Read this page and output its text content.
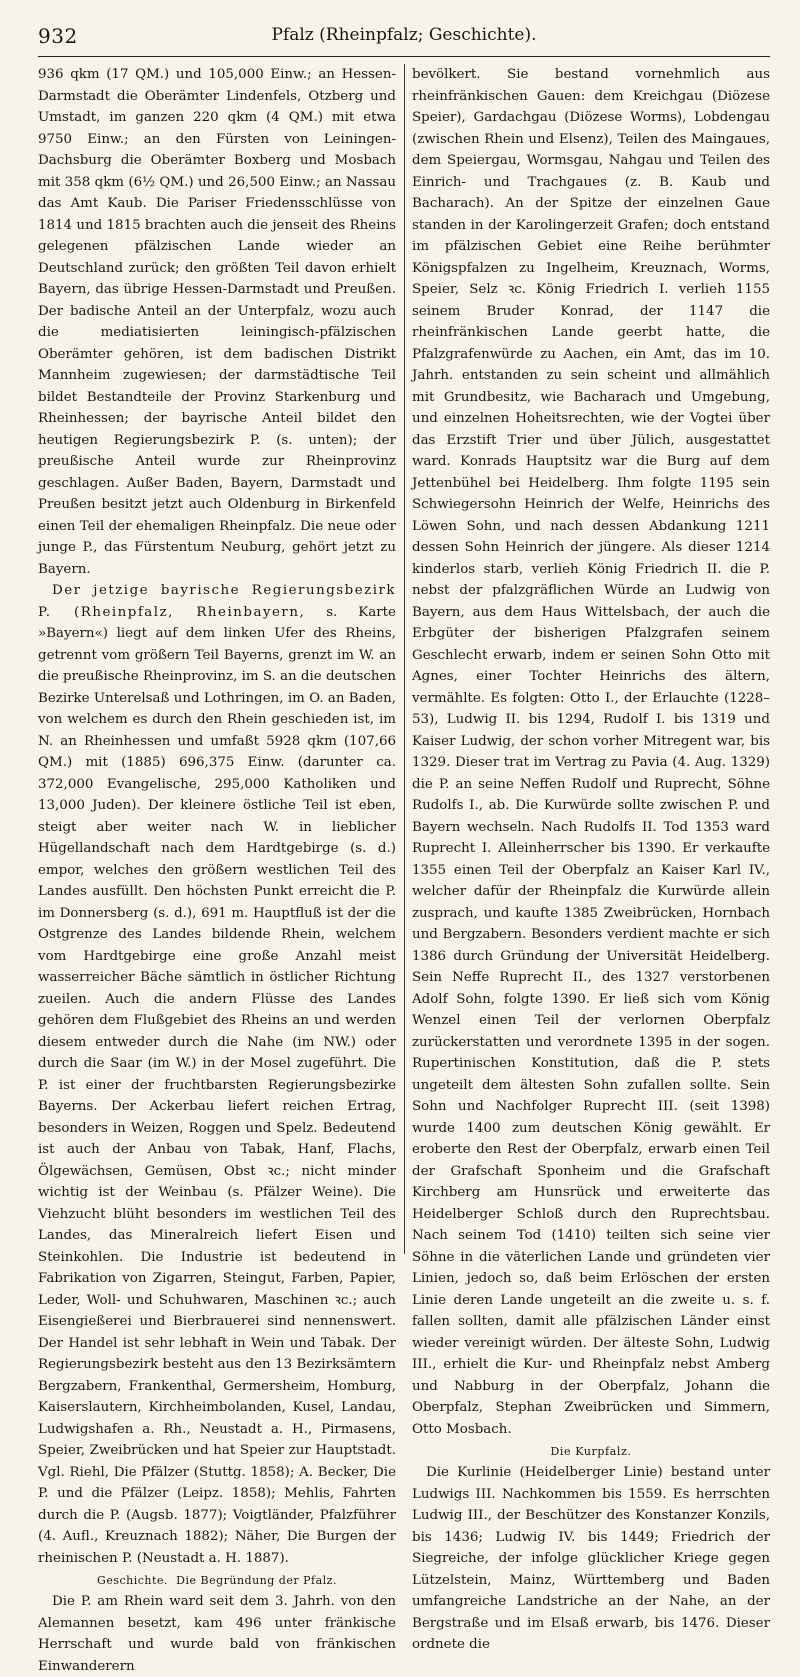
932	Pfalz (Rheinpfalz; Geschichte).

936 qkm (17 QM.) und 105,000 Einw.; an Hessen-Darmstadt die Oberämter Lindenfels, Otzberg und Umstadt, im ganzen 220 qkm (4 QM.) mit etwa 9750 Einw.; an den Fürsten von Leiningen-Dachsburg die Oberämter Boxberg und Mosbach mit 358 qkm (6½ QM.) und 26,500 Einw.; an Nassau das Amt Kaub. Die Pariser Friedensschlüsse von 1814 und 1815 brachten auch die jenseit des Rheins gelegenen pfälzischen Lande wieder an Deutschland zurück; den größten Teil davon erhielt Bayern, das übrige Hessen-Darmstadt und Preußen. Der badische Anteil an der Unterpfalz, wozu auch die mediatisierten leiningisch-pfälzischen Oberämter gehören, ist dem badischen Distrikt Mannheim zugewiesen; der darmstädtische Teil bildet Bestandteile der Provinz Starkenburg und Rheinhessen; der bayrische Anteil bildet den heutigen Regierungsbezirk P. (s. unten); der preußische Anteil wurde zur Rheinprovinz geschlagen. Außer Baden, Bayern, Darmstadt und Preußen besitzt jetzt auch Oldenburg in Birkenfeld einen Teil der ehemaligen Rheinpfalz. Die neue oder junge P., das Fürstentum Neuburg, gehört jetzt zu Bayern.

Der jetzige bayrische Regierungsbezirk P. (Rheinpfalz, Rheinbayern, s. Karte »Bayern«) liegt auf dem linken Ufer des Rheins, getrennt vom größern Teil Bayerns, grenzt im W. an die preußische Rheinprovinz, im S. an die deutschen Bezirke Unterelsaß und Lothringen, im O. an Baden, von welchem es durch den Rhein geschieden ist, im N. an Rheinhessen und umfaßt 5928 qkm (107,66 QM.) mit (1885) 696,375 Einw. (darunter ca. 372,000 Evangelische, 295,000 Katholiken und 13,000 Juden). Der kleinere östliche Teil ist eben, steigt aber weiter nach W. in lieblicher Hügellandschaft nach dem Hardtgebirge (s. d.) empor, welches den größern westlichen Teil des Landes ausfüllt. Den höchsten Punkt erreicht die P. im Donnersberg (s. d.), 691 m. Hauptfluß ist der die Ostgrenze des Landes bildende Rhein, welchem vom Hardtgebirge eine große Anzahl meist wasserreicher Bäche sämtlich in östlicher Richtung zueilen. Auch die andern Flüsse des Landes gehören dem Flußgebiet des Rheins an und werden diesem entweder durch die Nahe (im NW.) oder durch die Saar (im W.) in der Mosel zugeführt. Die P. ist einer der fruchtbarsten Regierungsbezirke Bayerns. Der Ackerbau liefert reichen Ertrag, besonders in Weizen, Roggen und Spelz. Bedeutend ist auch der Anbau von Tabak, Hanf, Flachs, Ölgewächsen, Gemüsen, Obst ꝛc.; nicht minder wichtig ist der Weinbau (s. Pfälzer Weine). Die Viehzucht blüht besonders im westlichen Teil des Landes, das Mineralreich liefert Eisen und Steinkohlen. Die Industrie ist bedeutend in Fabrikation von Zigarren, Steingut, Farben, Papier, Leder, Woll- und Schuhwaren, Maschinen ꝛc.; auch Eisengießerei und Bierbrauerei sind nennenswert. Der Handel ist sehr lebhaft in Wein und Tabak. Der Regierungsbezirk besteht aus den 13 Bezirksämtern Bergzabern, Frankenthal, Germersheim, Homburg, Kaiserslautern, Kirchheimbolanden, Kusel, Landau, Ludwigshafen a. Rh., Neustadt a. H., Pirmasens, Speier, Zweibrücken und hat Speier zur Hauptstadt. Vgl. Riehl, Die Pfälzer (Stuttg. 1858); A. Becker, Die P. und die Pfälzer (Leipz. 1858); Mehlis, Fahrten durch die P. (Augsb. 1877); Voigtländer, Pfalzführer (4. Aufl., Kreuznach 1882); Näher, Die Burgen der rheinischen P. (Neustadt a. H. 1887).

Geschichte. Die Begründung der Pfalz.

Die P. am Rhein ward seit dem 3. Jahrh. von den Alemannen besetzt, kam 496 unter fränkische Herrschaft und wurde bald von fränkischen Einwanderern

bevölkert. Sie bestand vornehmlich aus rheinfränkischen Gauen: dem Kreichgau (Diözese Speier), Gardachgau (Diözese Worms), Lobdengau (zwischen Rhein und Elsenz), Teilen des Maingaues, dem Speiergau, Wormsgau, Nahgau und Teilen des Einrich- und Trachgaues (z. B. Kaub und Bacharach). An der Spitze der einzelnen Gaue standen in der Karolingerzeit Grafen; doch entstand im pfälzischen Gebiet eine Reihe berühmter Königspfalzen zu Ingelheim, Kreuznach, Worms, Speier, Selz ꝛc. König Friedrich I. verlieh 1155 seinem Bruder Konrad, der 1147 die rheinfränkischen Lande geerbt hatte, die Pfalzgrafenwürde zu Aachen, ein Amt, das im 10. Jahrh. entstanden zu sein scheint und allmählich mit Grundbesitz, wie Bacharach und Umgebung, und einzelnen Hoheitsrechten, wie der Vogtei über das Erzstift Trier und über Jülich, ausgestattet ward. Konrads Hauptsitz war die Burg auf dem Jettenbühel bei Heidelberg. Ihm folgte 1195 sein Schwiegersohn Heinrich der Welfe, Heinrichs des Löwen Sohn, und nach dessen Abdankung 1211 dessen Sohn Heinrich der jüngere. Als dieser 1214 kinderlos starb, verlieh König Friedrich II. die P. nebst der pfalzgräflichen Würde an Ludwig von Bayern, aus dem Haus Wittelsbach, der auch die Erbgüter der bisherigen Pfalzgrafen seinem Geschlecht erwarb, indem er seinen Sohn Otto mit Agnes, einer Tochter Heinrichs des ältern, vermählte. Es folgten: Otto I., der Erlauchte (1228–53), Ludwig II. bis 1294, Rudolf I. bis 1319 und Kaiser Ludwig, der schon vorher Mitregent war, bis 1329. Dieser trat im Vertrag zu Pavia (4. Aug. 1329) die P. an seine Neffen Rudolf und Ruprecht, Söhne Rudolfs I., ab. Die Kurwürde sollte zwischen P. und Bayern wechseln. Nach Rudolfs II. Tod 1353 ward Ruprecht I. Alleinherrscher bis 1390. Er verkaufte 1355 einen Teil der Oberpfalz an Kaiser Karl IV., welcher dafür der Rheinpfalz die Kurwürde allein zusprach, und kaufte 1385 Zweibrücken, Hornbach und Bergzabern. Besonders verdient machte er sich 1386 durch Gründung der Universität Heidelberg. Sein Neffe Ruprecht II., des 1327 verstorbenen Adolf Sohn, folgte 1390. Er ließ sich vom König Wenzel einen Teil der verlornen Oberpfalz zurückerstatten und verordnete 1395 in der sogen. Rupertinischen Konstitution, daß die P. stets ungeteilt dem ältesten Sohn zufallen sollte. Sein Sohn und Nachfolger Ruprecht III. (seit 1398) wurde 1400 zum deutschen König gewählt. Er eroberte den Rest der Oberpfalz, erwarb einen Teil der Grafschaft Sponheim und die Grafschaft Kirchberg am Hunsrück und erweiterte das Heidelberger Schloß durch den Ruprechtsbau. Nach seinem Tod (1410) teilten sich seine vier Söhne in die väterlichen Lande und gründeten vier Linien, jedoch so, daß beim Erlöschen der ersten Linie deren Lande ungeteilt an die zweite u. s. f. fallen sollten, damit alle pfälzischen Länder einst wieder vereinigt würden. Der älteste Sohn, Ludwig III., erhielt die Kur- und Rheinpfalz nebst Amberg und Nabburg in der Oberpfalz, Johann die Oberpfalz, Stephan Zweibrücken und Simmern, Otto Mosbach.

Die Kurpfalz.

Die Kurlinie (Heidelberger Linie) bestand unter Ludwigs III. Nachkommen bis 1559. Es herrschten Ludwig III., der Beschützer des Konstanzer Konzils, bis 1436; Ludwig IV. bis 1449; Friedrich der Siegreiche, der infolge glücklicher Kriege gegen Lützelstein, Mainz, Württemberg und Baden umfangreiche Landstriche an der Nahe, an der Bergstraße und im Elsaß erwarb, bis 1476. Dieser ordnete die
